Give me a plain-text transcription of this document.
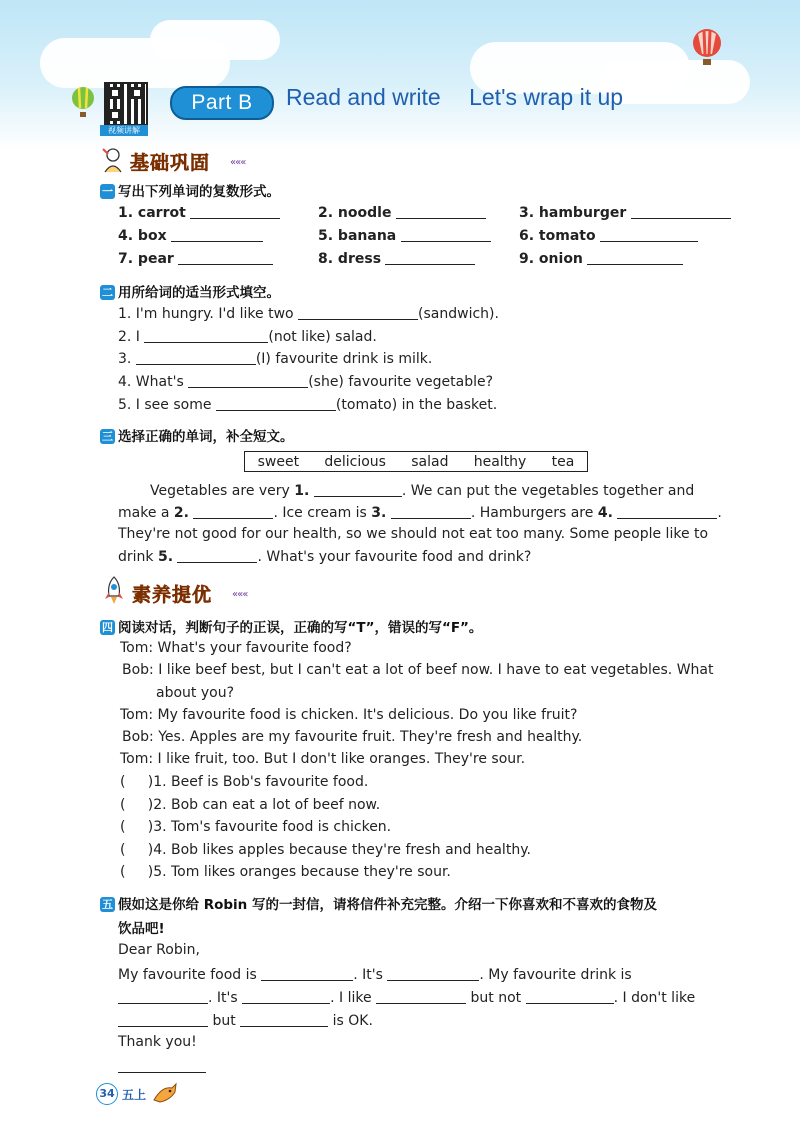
视频讲解
Part B	Read and write Let's wrap it up
基础巩固 «««
一 写出下列单词的复数形式。
1. carrot	2. noodle	3. hamburger
4. box	5. banana	6. tomato
7. pear	8. dress	9. onion
二 用所给词的适当形式填空。
1. I'm hungry. I'd like two	(sandwich).
2. I	(not like) salad.
3.	(I) favourite drink is milk.
4. What's	(she) favourite vegetable?
5. I see some	(tomato) in the basket.
三 选择正确的单词，补全短文。
sweet delicious salad healthy tea
Vegetables are very 1.	. We can put the vegetables together and
make a 2.	. Ice cream is 3.	. Hamburgers are 4.	.
They're not good for our health, so we should not eat too many. Some people like to
drink 5.	. What's your favourite food and drink?
素养提优 «««
四 阅读对话，判断句子的正误，正确的写“T”，错误的写“F”。
Tom: What's your favourite food?
Bob: I like beef best, but I can't eat a lot of beef now. I have to eat vegetables. What
about you?
Tom: My favourite food is chicken. It's delicious. Do you like fruit?
Bob: Yes. Apples are my favourite fruit. They're fresh and healthy.
Tom: I like fruit, too. But I don't like oranges. They're sour.
(     )1. Beef is Bob's favourite food.
(     )2. Bob can eat a lot of beef now.
(     )3. Tom's favourite food is chicken.
(     )4. Bob likes apples because they're fresh and healthy.
(     )5. Tom likes oranges because they're sour.
五 假如这是你给 Robin 写的一封信，请将信件补充完整。介绍一下你喜欢和不喜欢的食物及
饮品吧!
Dear Robin,
My favourite food is	. It's	. My favourite drink is
. It's	. I like	but not	. I don't like
but	is OK.
Thank you!
34 五上
